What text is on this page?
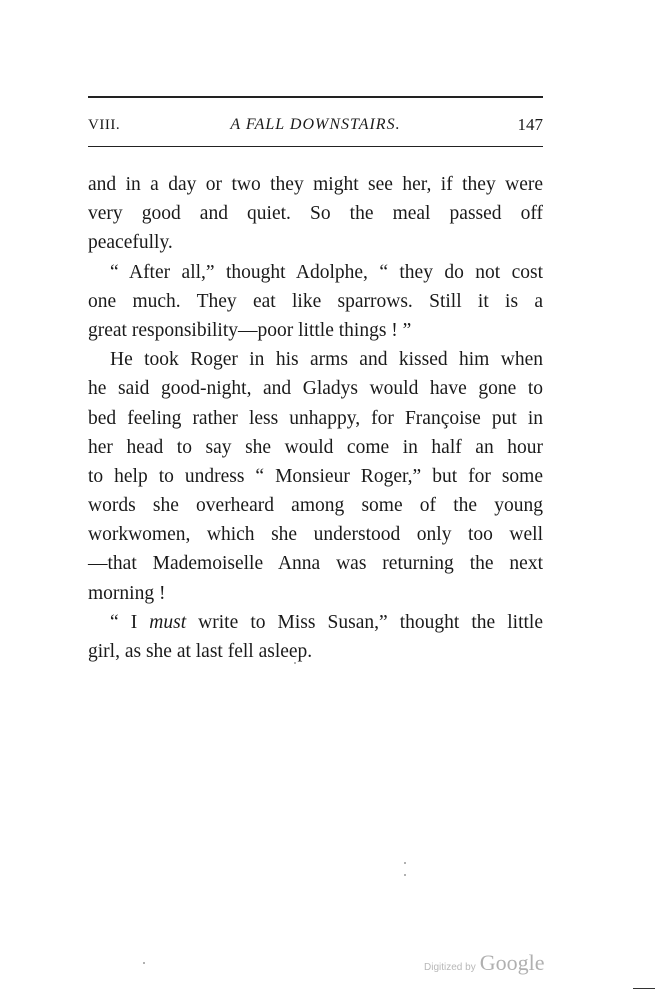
VIII.	A FALL DOWNSTAIRS.	147
and in a day or two they might see her, if they were
very good and quiet. So the meal passed off
peacefully.
“ After all,” thought Adolphe, “ they do not cost
one much. They eat like sparrows. Still it is a
great responsibility—poor little things ! ”
He took Roger in his arms and kissed him when
he said good-night, and Gladys would have gone to
bed feeling rather less unhappy, for Françoise put in
her head to say she would come in half an hour
to help to undress “ Monsieur Roger,” but for some
words she overheard among some of the young
workwomen, which she understood only too well
—that Mademoiselle Anna was returning the next
morning !
“ I must write to Miss Susan,” thought the little
girl, as she at last fell asleep.
Digitized by Google
